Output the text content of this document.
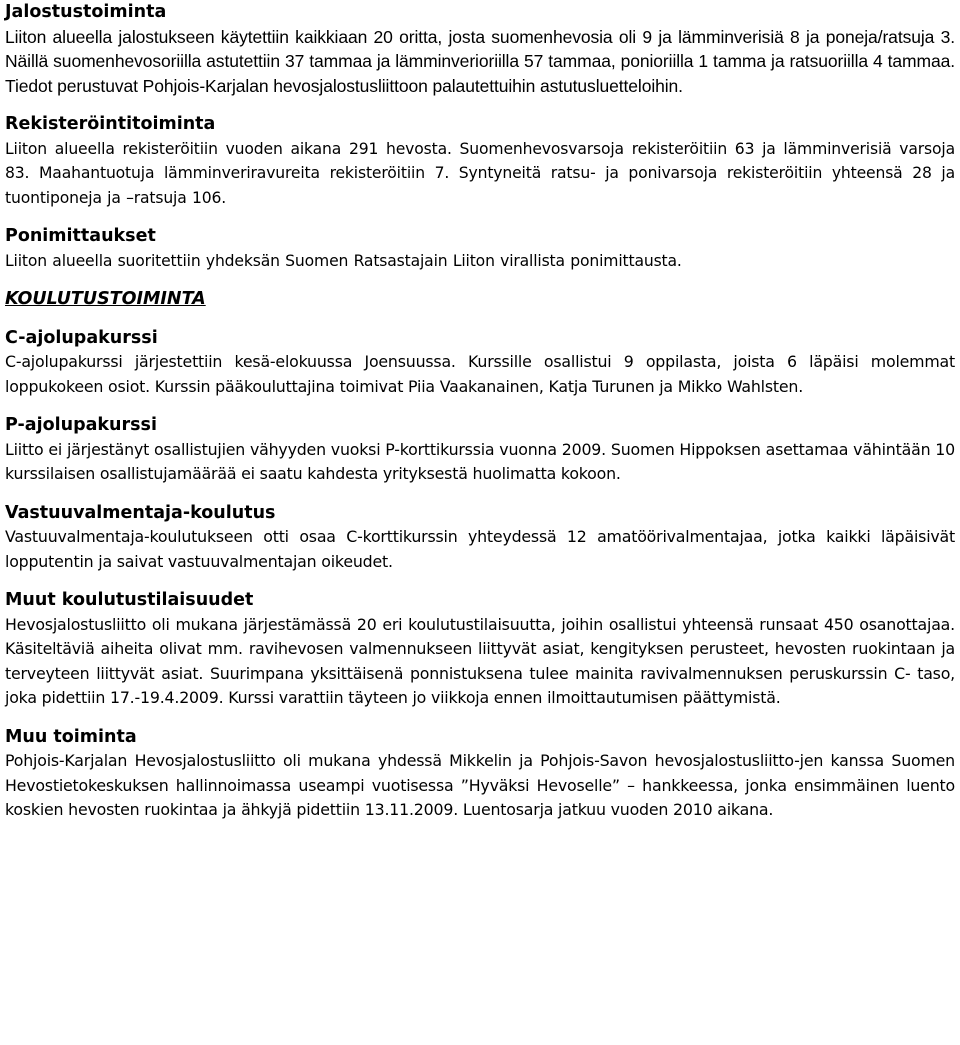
Jalostustoiminta

Liiton alueella jalostukseen käytettiin kaikkiaan 20 oritta, josta suomenhevosia oli 9 ja lämminverisiä 8 ja poneja/ratsuja 3. Näillä suomenhevosoriilla astutettiin 37 tammaa ja lämminverioriilla 57 tammaa, ponioriilla 1 tamma ja ratsuoriilla 4 tammaa. Tiedot perustuvat Pohjois-Karjalan hevosjalostusliittoon palautettuihin astutusluetteloihin.

Rekisteröintitoiminta

Liiton alueella rekisteröitiin vuoden aikana 291 hevosta. Suomenhevosvarsoja rekisteröitiin 63 ja lämminverisiä varsoja 83. Maahantuotuja lämminveriravureita rekisteröitiin 7. Syntyneitä ratsu- ja ponivarsoja rekisteröitiin yhteensä 28 ja tuontiponeja ja –ratsuja 106.

Ponimittaukset

Liiton alueella suoritettiin yhdeksän Suomen Ratsastajain Liiton virallista ponimittausta.

KOULUTUSTOIMINTA
C-ajolupakurssi

C-ajolupakurssi järjestettiin kesä-elokuussa Joensuussa. Kurssille osallistui 9 oppilasta, joista 6 läpäisi molemmat loppukokeen osiot. Kurssin pääkouluttajina toimivat Piia Vaakanainen, Katja Turunen ja Mikko Wahlsten.

P-ajolupakurssi

Liitto ei järjestänyt osallistujien vähyyden vuoksi P-korttikurssia vuonna 2009. Suomen Hippoksen asettamaa vähintään 10 kurssilaisen osallistujamäärää ei saatu kahdesta yrityksestä huolimatta kokoon.

Vastuuvalmentaja-koulutus

Vastuuvalmentaja-koulutukseen otti osaa C-korttikurssin yhteydessä 12 amatöörivalmentajaa, jotka kaikki läpäisivät lopputentin ja saivat vastuuvalmentajan oikeudet.

Muut koulutustilaisuudet

Hevosjalostusliitto oli mukana järjestämässä 20 eri koulutustilaisuutta, joihin osallistui yhteensä runsaat 450 osanottajaa. Käsiteltäviä aiheita olivat mm. ravihevosen valmennukseen liittyvät asiat, kengityksen perusteet, hevosten ruokintaan ja terveyteen liittyvät asiat. Suurimpana yksittäisenä ponnistuksena tulee mainita ravivalmennuksen peruskurssin C- taso, joka pidettiin 17.-19.4.2009. Kurssi varattiin täyteen jo viikkoja ennen ilmoittautumisen päättymistä.

Muu toiminta

Pohjois-Karjalan Hevosjalostusliitto oli mukana yhdessä Mikkelin ja Pohjois-Savon hevosjalostusliitto-jen kanssa Suomen Hevostietokeskuksen hallinnoimassa useampi vuotisessa ”Hyväksi Hevoselle” – hankkeessa, jonka ensimmäinen luento koskien hevosten ruokintaa ja ähkyjä pidettiin 13.11.2009. Luentosarja jatkuu vuoden 2010 aikana.
